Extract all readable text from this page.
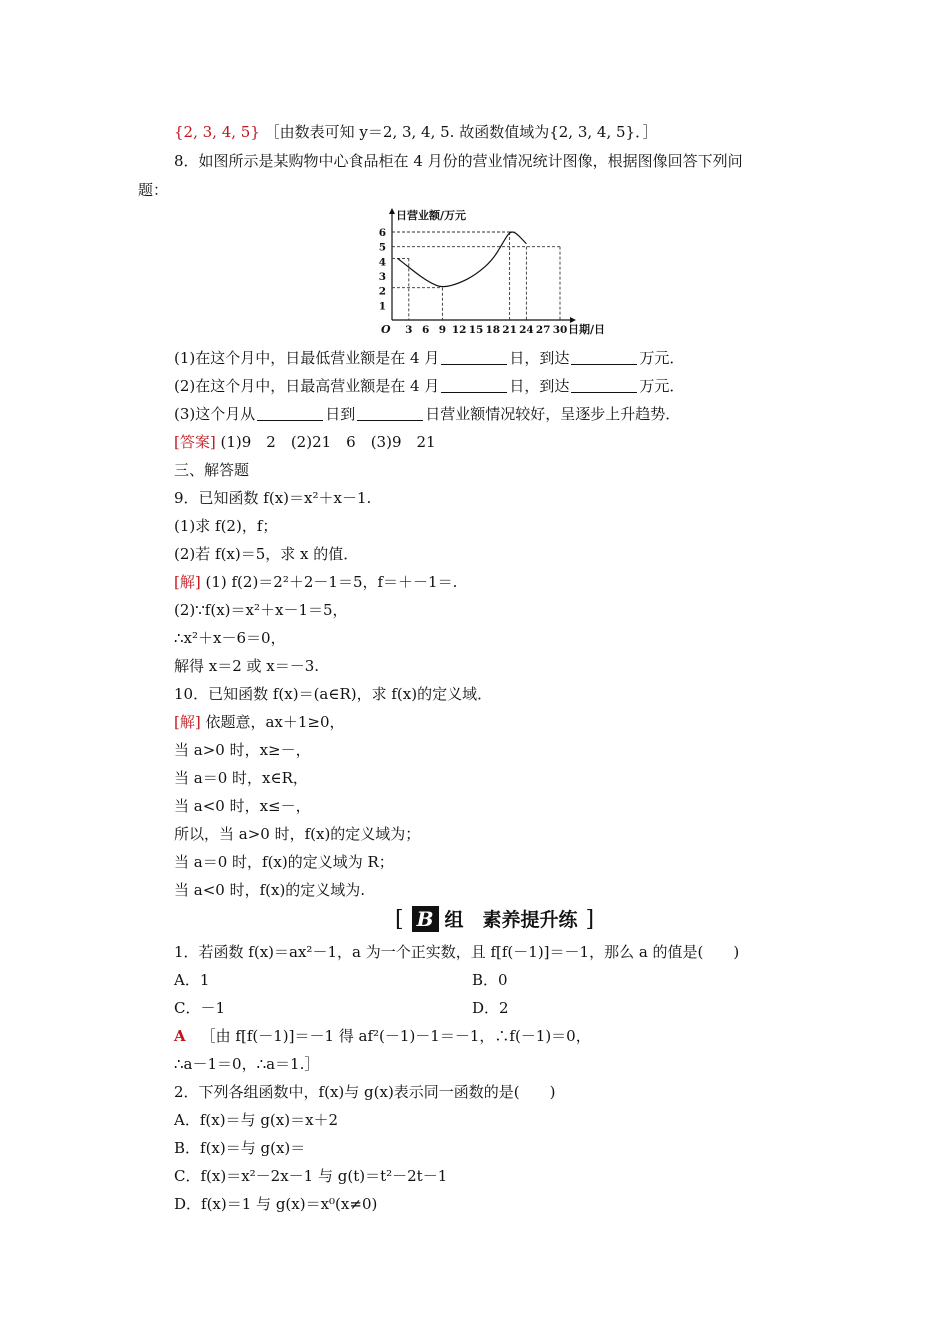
{2, 3, 4, 5} ［由数表可知 y＝2, 3, 4, 5. 故函数值域为{2, 3, 4, 5}．］
8．如图所示是某购物中心食品柜在 4 月份的营业情况统计图像，根据图像回答下列问
题：
日营业额/万元
日期/日
O 3 6 9 12 15 18 21 24 27 30
1
2
3
4
5
6
(1)在这个月中，日最低营业额是在 4 月	日，到达	万元．
(2)在这个月中，日最高营业额是在 4 月	日，到达	万元．
(3)这个月从	日到	日营业额情况较好，呈逐步上升趋势．
[答案] (1)9　2　(2)21　6　(3)9　21
三、解答题
9．已知函数 f(x)＝x²＋x－1.
(1)求 f(2)，f；
(2)若 f(x)＝5，求 x 的值．
[解] (1) f(2)＝2²＋2－1＝5，f＝＋－1＝.
(2)∵f(x)＝x²＋x－1＝5，
∴x²＋x－6＝0，
解得 x＝2 或 x＝－3.
10．已知函数 f(x)＝(a∈R)，求 f(x)的定义域．
[解] 依题意，ax＋1≥0，
当 a>0 时，x≥－，
当 a＝0 时，x∈R，
当 a<0 时，x≤－，
所以，当 a>0 时，f(x)的定义域为；
当 a＝0 时，f(x)的定义域为 R；
当 a<0 时，f(x)的定义域为.
[ B 组　素养提升练 ]
1．若函数 f(x)＝ax²－1，a 为一个正实数，且 f[f(－1)]＝－1，那么 a 的值是(　　)
A．1	B．0
C．－1	D．2
A  ［由 f[f(－1)]＝－1 得 af²(－1)－1＝－1，∴f(－1)＝0，
∴a－1＝0，∴a＝1.］
2．下列各组函数中，f(x)与 g(x)表示同一函数的是(　　)
A．f(x)＝与 g(x)＝x＋2
B．f(x)＝与 g(x)＝
C．f(x)＝x²－2x－1 与 g(t)＝t²－2t－1
D．f(x)＝1 与 g(x)＝x⁰(x≠0)
